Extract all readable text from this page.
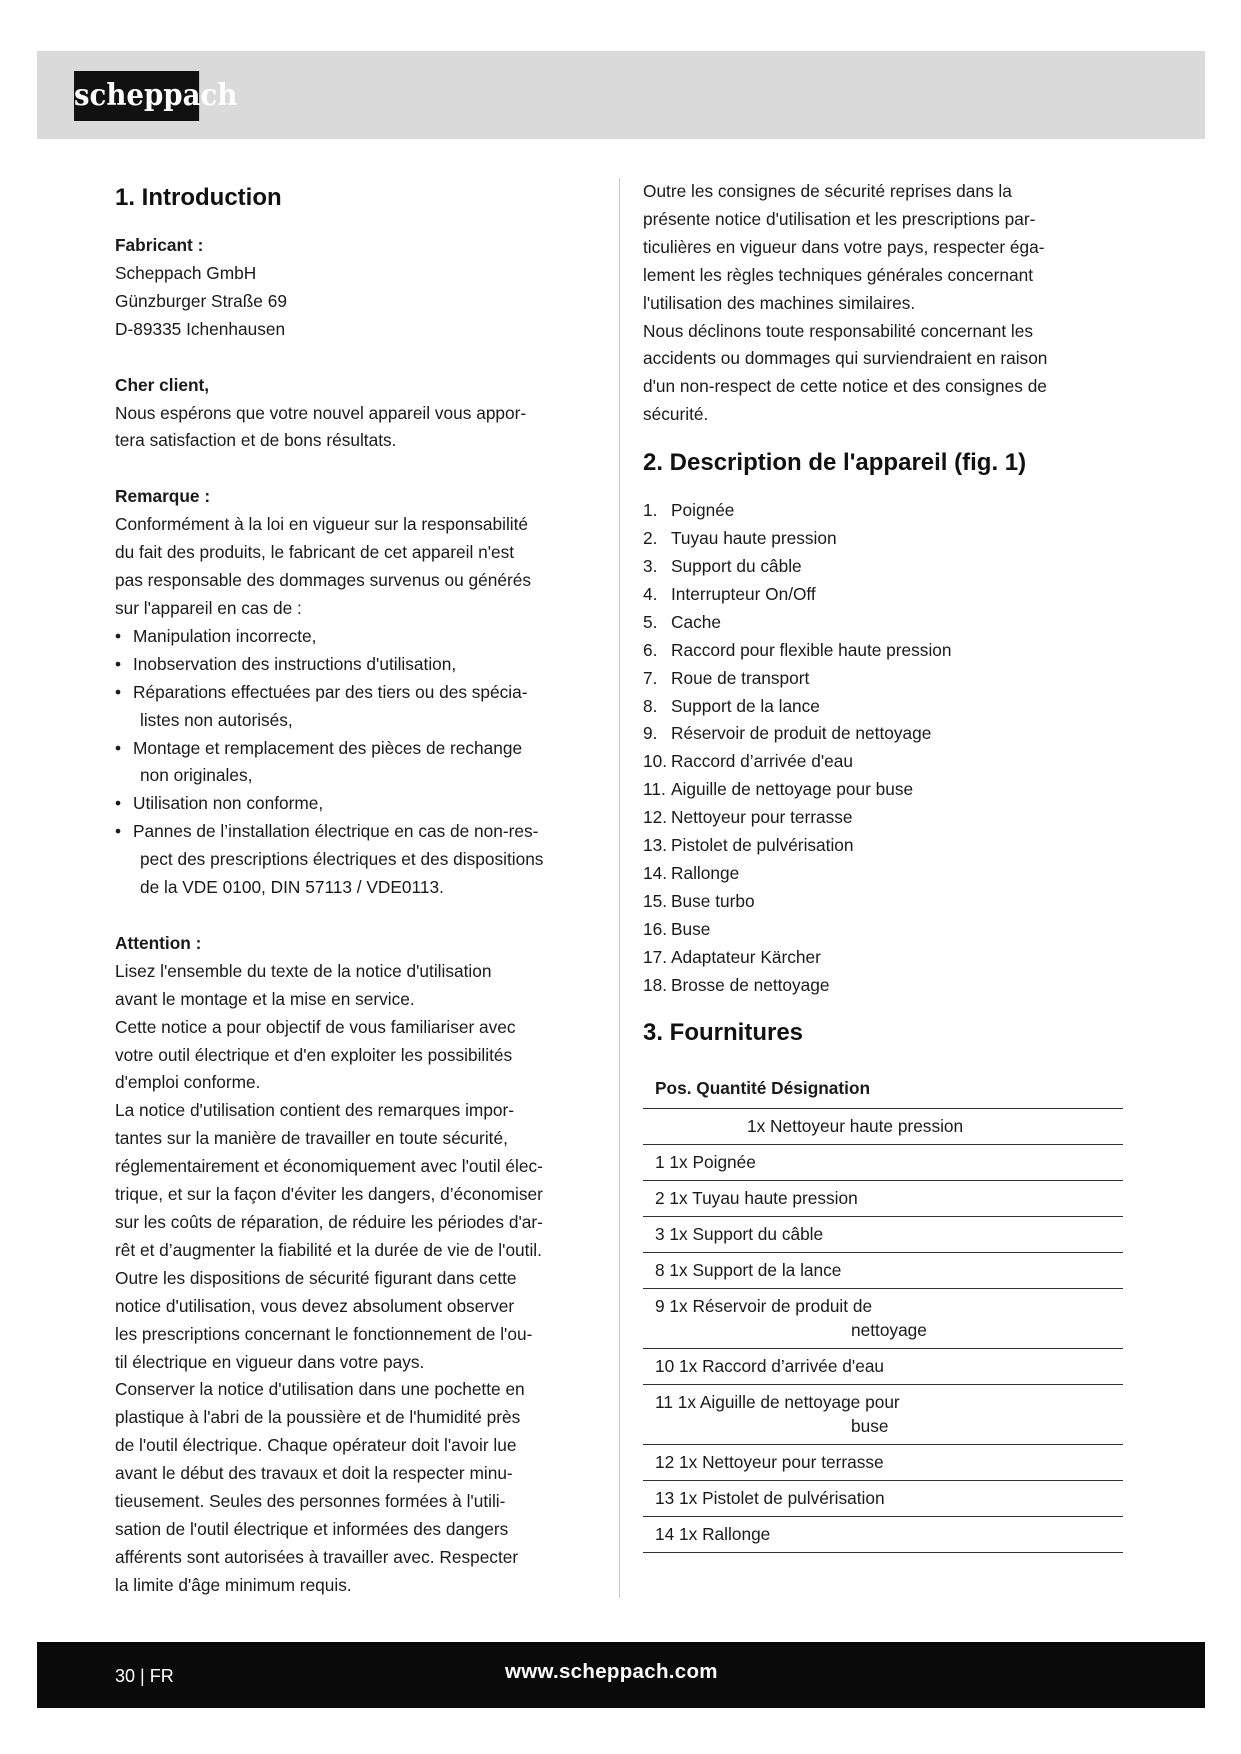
scheppach
1. Introduction
Fabricant :
Scheppach GmbH
Günzburger Straße 69
D-89335 Ichenhausen
Cher client,
Nous espérons que votre nouvel appareil vous appor-
tera satisfaction et de bons résultats.
Remarque :
Conformément à la loi en vigueur sur la responsabilité
du fait des produits, le fabricant de cet appareil n'est
pas responsable des dommages survenus ou générés
sur l'appareil en cas de :
• Manipulation incorrecte,
• Inobservation des instructions d'utilisation,
• Réparations effectuées par des tiers ou des spécia-
listes non autorisés,
• Montage et remplacement des pièces de rechange
non originales,
• Utilisation non conforme,
• Pannes de l’installation électrique en cas de non-res-
pect des prescriptions électriques et des dispositions
de la VDE 0100, DIN 57113 / VDE0113.
Attention :
Lisez l'ensemble du texte de la notice d'utilisation
avant le montage et la mise en service.
Cette notice a pour objectif de vous familiariser avec
votre outil électrique et d'en exploiter les possibilités
d'emploi conforme.
La notice d'utilisation contient des remarques impor-
tantes sur la manière de travailler en toute sécurité,
réglementairement et économiquement avec l'outil élec-
trique, et sur la façon d'éviter les dangers, d’économiser
sur les coûts de réparation, de réduire les périodes d'ar-
rêt et d’augmenter la fiabilité et la durée de vie de l'outil.
Outre les dispositions de sécurité figurant dans cette
notice d'utilisation, vous devez absolument observer
les prescriptions concernant le fonctionnement de l'ou-
til électrique en vigueur dans votre pays.
Conserver la notice d'utilisation dans une pochette en
plastique à l'abri de la poussière et de l'humidité près
de l'outil électrique. Chaque opérateur doit l'avoir lue
avant le début des travaux et doit la respecter minu-
tieusement. Seules des personnes formées à l'utili-
sation de l'outil électrique et informées des dangers
afférents sont autorisées à travailler avec. Respecter
la limite d'âge minimum requis.
Outre les consignes de sécurité reprises dans la
présente notice d'utilisation et les prescriptions par-
ticulières en vigueur dans votre pays, respecter éga-
lement les règles techniques générales concernant
l'utilisation des machines similaires.
Nous déclinons toute responsabilité concernant les
accidents ou dommages qui surviendraient en raison
d'un non-respect de cette notice et des consignes de
sécurité.
2. Description de l'appareil (fig. 1)
1. Poignée
2. Tuyau haute pression
3. Support du câble
4. Interrupteur On/Off
5. Cache
6. Raccord pour flexible haute pression
7. Roue de transport
8. Support de la lance
9. Réservoir de produit de nettoyage
10. Raccord d’arrivée d'eau
11. Aiguille de nettoyage pour buse
12. Nettoyeur pour terrasse
13. Pistolet de pulvérisation
14. Rallonge
15. Buse turbo
16. Buse
17. Adaptateur Kärcher
18. Brosse de nettoyage
3. Fournitures
Pos. Quantité Désignation
1x Nettoyeur haute pression
1 1x Poignée
2 1x Tuyau haute pression
3 1x Support du câble
8 1x Support de la lance
9 1x Réservoir de produit de
nettoyage
10 1x Raccord d’arrivée d'eau
11 1x Aiguille de nettoyage pour
buse
12 1x Nettoyeur pour terrasse
13 1x Pistolet de pulvérisation
14 1x Rallonge
30 | FR	www.scheppach.com
